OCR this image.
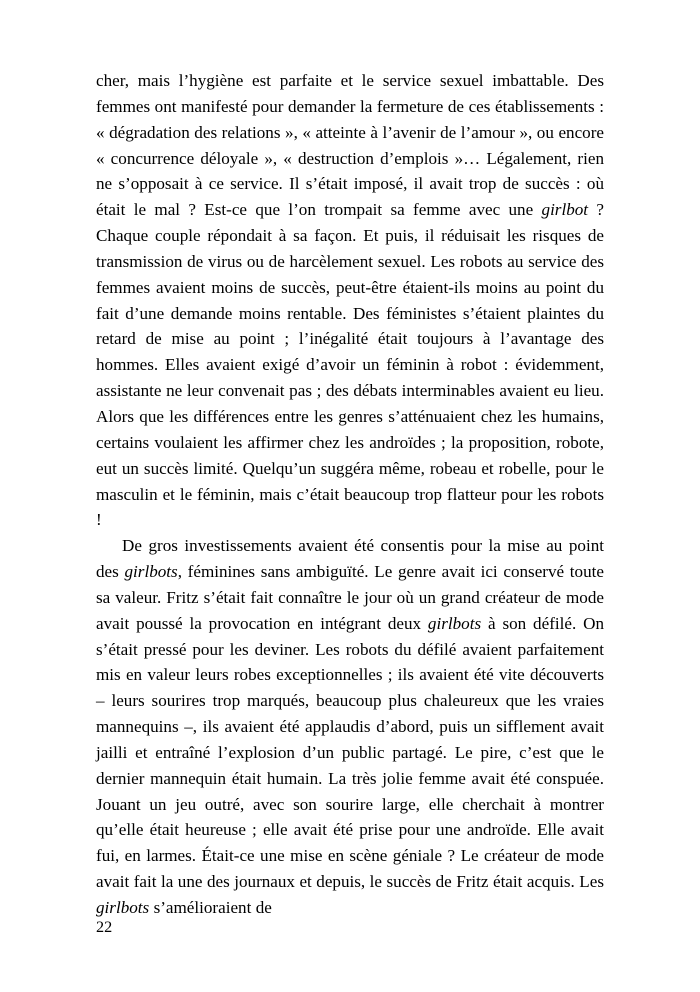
cher, mais l’hygiène est parfaite et le service sexuel imbattable. Des femmes ont manifesté pour demander la fermeture de ces établissements : « dégradation des relations », « atteinte à l’avenir de l’amour », ou encore « concurrence déloyale », « destruction d’emplois »… Légalement, rien ne s’opposait à ce service. Il s’était imposé, il avait trop de succès : où était le mal ? Est-ce que l’on trompait sa femme avec une girlbot ? Chaque couple répondait à sa façon. Et puis, il réduisait les risques de transmission de virus ou de harcèlement sexuel. Les robots au service des femmes avaient moins de succès, peut-être étaient-ils moins au point du fait d’une demande moins rentable. Des féministes s’étaient plaintes du retard de mise au point ; l’inégalité était toujours à l’avantage des hommes. Elles avaient exigé d’avoir un féminin à robot : évidemment, assistante ne leur convenait pas ; des débats interminables avaient eu lieu. Alors que les différences entre les genres s’atténuaient chez les humains, certains voulaient les affirmer chez les androïdes ; la proposition, robote, eut un succès limité. Quelqu’un suggéra même, robeau et robelle, pour le masculin et le féminin, mais c’était beaucoup trop flatteur pour les robots !

De gros investissements avaient été consentis pour la mise au point des girlbots, féminines sans ambiguïté. Le genre avait ici conservé toute sa valeur. Fritz s’était fait connaître le jour où un grand créateur de mode avait poussé la provocation en intégrant deux girlbots à son défilé. On s’était pressé pour les deviner. Les robots du défilé avaient parfaitement mis en valeur leurs robes exceptionnelles ; ils avaient été vite découverts – leurs sourires trop marqués, beaucoup plus chaleureux que les vraies mannequins –, ils avaient été applaudis d’abord, puis un sifflement avait jailli et entraîné l’explosion d’un public partagé. Le pire, c’est que le dernier mannequin était humain. La très jolie femme avait été conspuée. Jouant un jeu outré, avec son sourire large, elle cherchait à montrer qu’elle était heureuse ; elle avait été prise pour une androïde. Elle avait fui, en larmes. Était-ce une mise en scène géniale ? Le créateur de mode avait fait la une des journaux et depuis, le succès de Fritz était acquis. Les girlbots s’amélioraient de

22
